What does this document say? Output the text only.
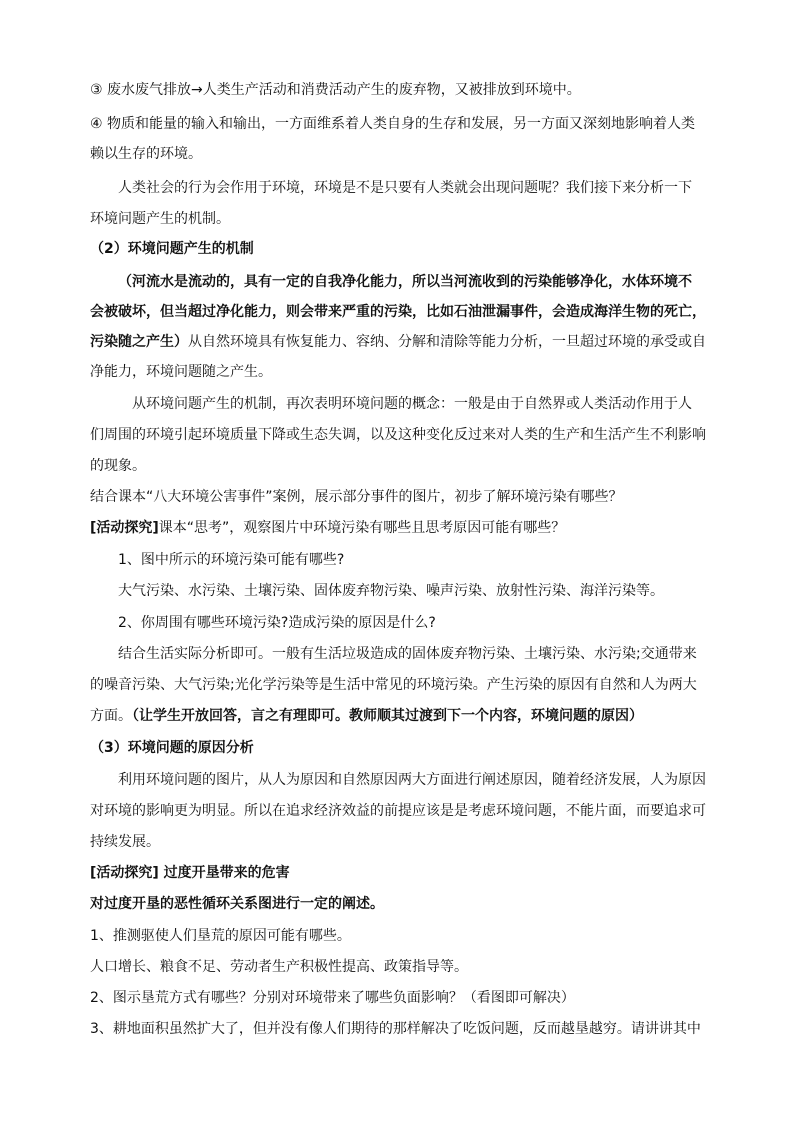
③ 废水废气排放→人类生产活动和消费活动产生的废弃物，又被排放到环境中。
④ 物质和能量的输入和输出，一方面维系着人类自身的生存和发展，另一方面又深刻地影响着人类
赖以生存的环境。
人类社会的行为会作用于环境，环境是不是只要有人类就会出现问题呢？我们接下来分析一下
环境问题产生的机制。
（2）环境问题产生的机制
（河流水是流动的，具有一定的自我净化能力，所以当河流收到的污染能够净化，水体环境不
会被破坏，但当超过净化能力，则会带来严重的污染，比如石油泄漏事件，会造成海洋生物的死亡，
污染随之产生）从自然环境具有恢复能力、容纳、分解和清除等能力分析，一旦超过环境的承受或自
净能力，环境问题随之产生。
从环境问题产生的机制，再次表明环境问题的概念：一般是由于自然界或人类活动作用于人
们周围的环境引起环境质量下降或生态失调，以及这种变化反过来对人类的生产和生活产生不利影响
的现象。
结合课本“八大环境公害事件”案例，展示部分事件的图片，初步了解环境污染有哪些？
[活动探究]课本“思考”，观察图片中环境污染有哪些且思考原因可能有哪些？
1、图中所示的环境污染可能有哪些?
大气污染、水污染、土壤污染、固体废弃物污染、噪声污染、放射性污染、海洋污染等。
2、你周围有哪些环境污染?造成污染的原因是什么?
结合生活实际分析即可。一般有生活垃圾造成的固体废弃物污染、土壤污染、水污染;交通带来
的噪音污染、大气污染;光化学污染等是生活中常见的环境污染。产生污染的原因有自然和人为两大
方面。（让学生开放回答，言之有理即可。教师顺其过渡到下一个内容，环境问题的原因）
（3）环境问题的原因分析
利用环境问题的图片，从人为原因和自然原因两大方面进行阐述原因，随着经济发展，人为原因
对环境的影响更为明显。所以在追求经济效益的前提应该是是考虑环境问题，不能片面，而要追求可
持续发展。
[活动探究] 过度开垦带来的危害
对过度开垦的恶性循环关系图进行一定的阐述。
1、推测驱使人们垦荒的原因可能有哪些。
人口增长、粮食不足、劳动者生产积极性提高、政策指导等。
2、图示垦荒方式有哪些？分别对环境带来了哪些负面影响？（看图即可解决）
3、耕地面积虽然扩大了，但并没有像人们期待的那样解决了吃饭问题，反而越垦越穷。请讲讲其中
